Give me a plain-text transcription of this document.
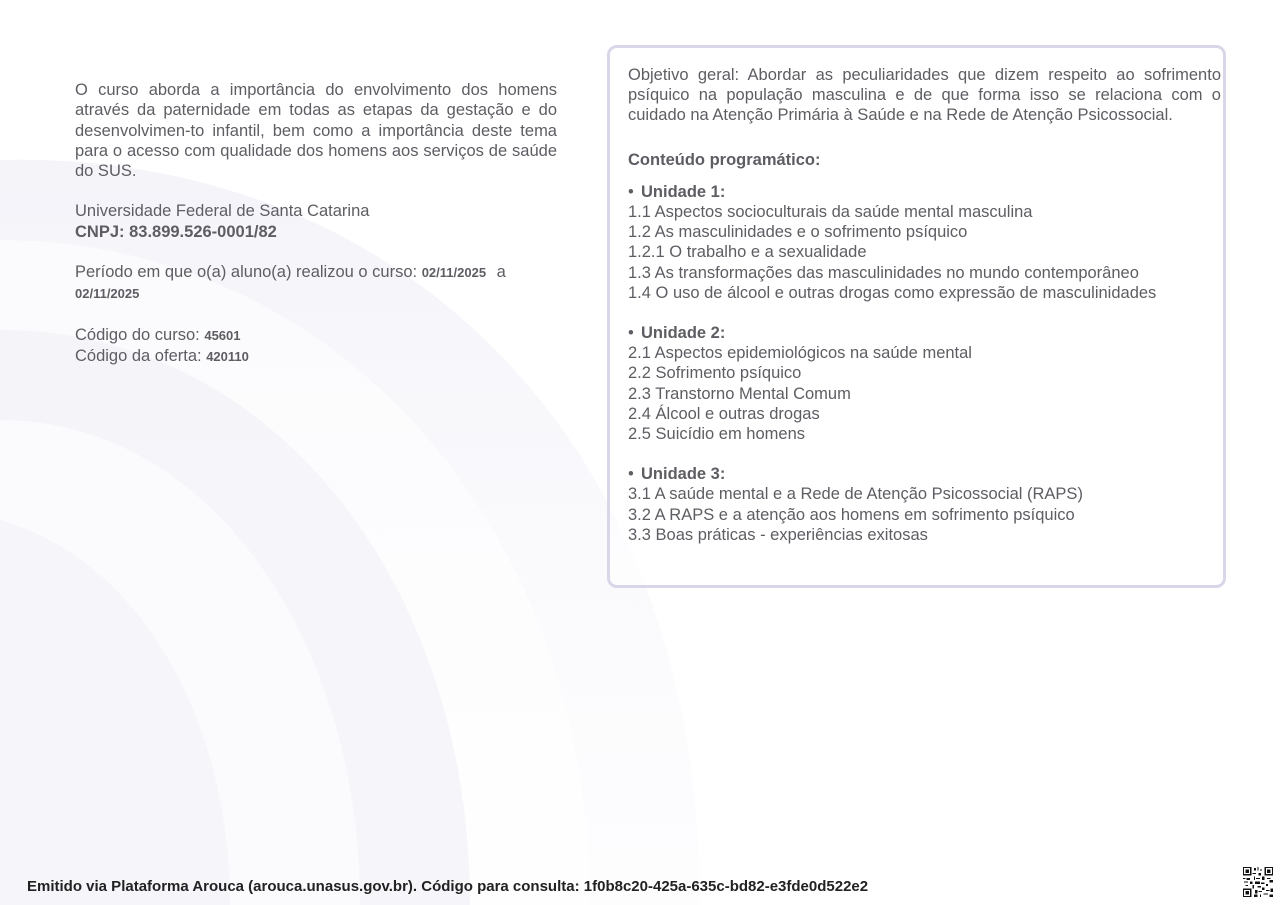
O curso aborda a importância do envolvimento dos homens através da paternidade em todas as etapas da gestação e do desenvolvimen-to infantil, bem como a importância deste tema para o acesso com qualidade dos homens aos serviços de saúde do SUS.

Universidade Federal de Santa Catarina

CNPJ: 83.899.526-0001/82

Período em que o(a) aluno(a) realizou o curso: 02/11/2025 a 02/11/2025

Código do curso: 45601

Código da oferta: 420110

Objetivo geral: Abordar as peculiaridades que dizem respeito ao sofrimento psíquico na população masculina e de que forma isso se relaciona com o cuidado na Atenção Primária à Saúde e na Rede de Atenção Psicossocial.

Conteúdo programático:

• Unidade 1:

1.1 Aspectos socioculturais da saúde mental masculina

1.2 As masculinidades e o sofrimento psíquico

1.2.1 O trabalho e a sexualidade

1.3 As transformações das masculinidades no mundo contemporâneo

1.4 O uso de álcool e outras drogas como expressão de masculinidades

• Unidade 2:

2.1 Aspectos epidemiológicos na saúde mental

2.2 Sofrimento psíquico

2.3 Transtorno Mental Comum

2.4 Álcool e outras drogas

2.5 Suicídio em homens

• Unidade 3:

3.1 A saúde mental e a Rede de Atenção Psicossocial (RAPS)

3.2 A RAPS e a atenção aos homens em sofrimento psíquico

3.3 Boas práticas - experiências exitosas

Emitido via Plataforma Arouca (arouca.unasus.gov.br). Código para consulta: 1f0b8c20-425a-635c-bd82-e3fde0d522e2
